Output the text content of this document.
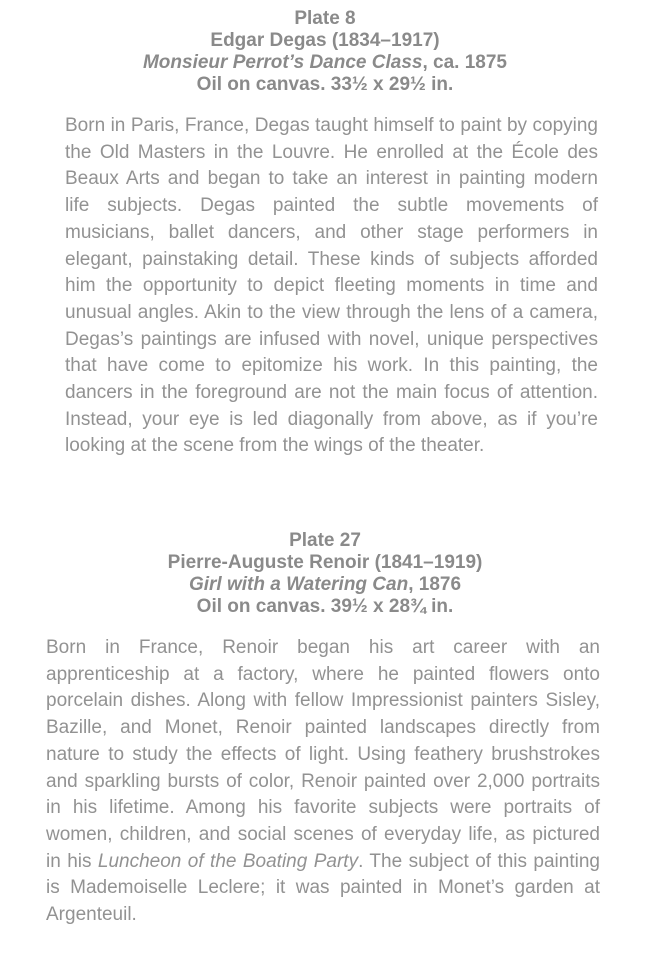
Plate 8
Edgar Degas (1834–1917)
Monsieur Perrot’s Dance Class, ca. 1875
Oil on canvas. 33½ x 29½ in.

Born in Paris, France, Degas taught himself to paint by copying the Old Masters in the Louvre. He enrolled at the École des Beaux Arts and began to take an interest in painting modern life subjects. Degas painted the subtle movements of musicians, ballet dancers, and other stage performers in elegant, painstaking detail. These kinds of subjects afforded him the opportunity to depict fleeting moments in time and unusual angles. Akin to the view through the lens of a camera, Degas’s paintings are infused with novel, unique perspectives that have come to epitomize his work. In this painting, the dancers in the foreground are not the main focus of attention. Instead, your eye is led diagonally from above, as if you’re looking at the scene from the wings of the theater.

Plate 27
Pierre-Auguste Renoir (1841–1919)
Girl with a Watering Can, 1876
Oil on canvas. 39½ x 28¾ in.

Born in France, Renoir began his art career with an apprenticeship at a factory, where he painted flowers onto porcelain dishes. Along with fellow Impressionist painters Sisley, Bazille, and Monet, Renoir painted landscapes directly from nature to study the effects of light. Using feathery brushstrokes and sparkling bursts of color, Renoir painted over 2,000 portraits in his lifetime. Among his favorite subjects were portraits of women, children, and social scenes of everyday life, as pictured in his Luncheon of the Boating Party. The subject of this painting is Mademoiselle Leclere; it was painted in Monet’s garden at Argenteuil.
